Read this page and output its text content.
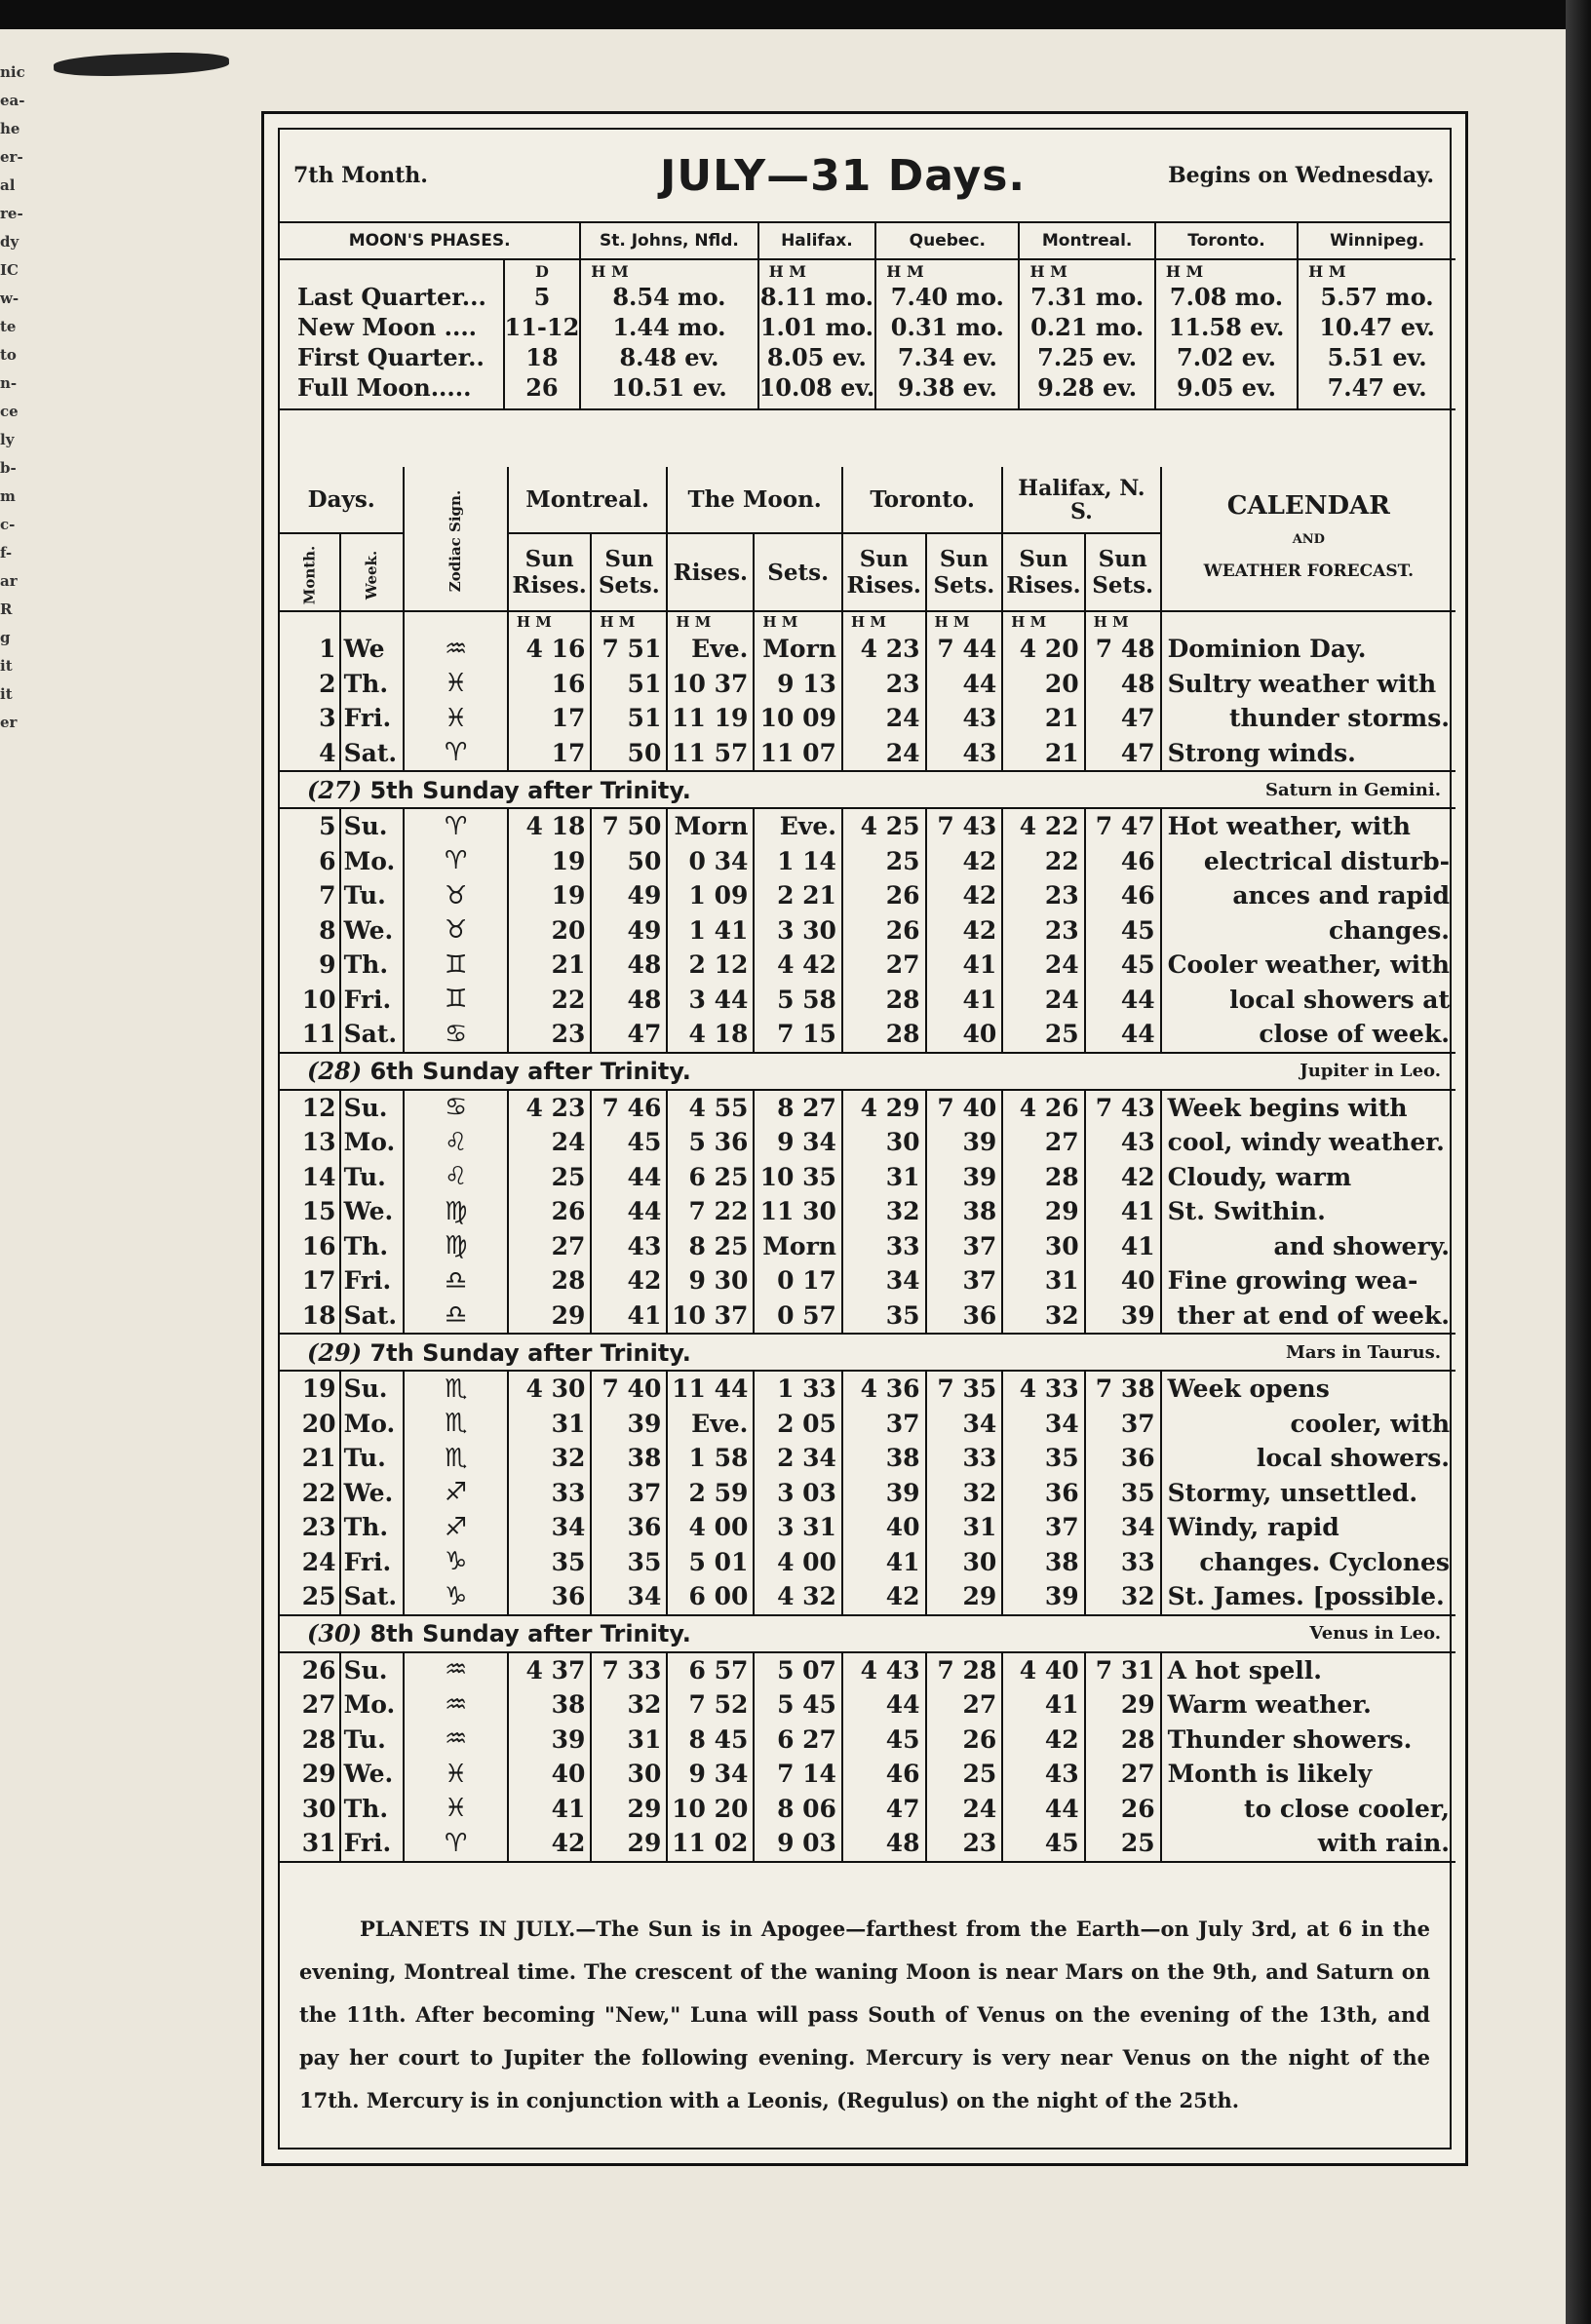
nic
ea-
he
er-
al
re-
dy
IC
w-
te
to
n-
ce
ly
b-
m
c-
f-
ar
R
g
it
it
er
7th Month.	JULY—31 Days.	Begins on Wednesday.
MOON'S PHASES.		St. Johns, Nfld.	Halifax.	Quebec.	Montreal.	Toronto.	Winnipeg.
	D	H M	H M	H M	H M	H M	H M
Last Quarter...	5	8.54 mo.	8.11 mo.	7.40 mo.	7.31 mo.	7.08 mo.	5.57 mo.
New Moon ....	11-12	1.44 mo.	1.01 mo.	0.31 mo.	0.21 mo.	11.58 ev.	10.47 ev.
First Quarter..	18	8.48 ev.	8.05 ev.	7.34 ev.	7.25 ev.	7.02 ev.	5.51 ev.
Full Moon.....	26	10.51 ev.	10.08 ev.	9.38 ev.	9.28 ev.	9.05 ev.	7.47 ev.
Days.		Zodiac Sign.	Montreal.		The Moon.		Toronto.		Halifax, N. S.		CALENDAR
AND
WEATHER FORECAST.
Month.	Week.		Sun Rises.	Sun Sets.	Rises.	Sets.	Sun Rises.	Sun Sets.	Sun Rises.	Sun Sets.	
			H M	H M	H M	H M	H M	H M	H M	H M	
1	We	♒	4 16	7 51	Eve.	Morn	4 23	7 44	4 20	7 48	Dominion Day.
2	Th.	♓	16	51	10 37	9 13	23	44	20	48	Sultry weather with
3	Fri.	♓	17	51	11 19	10 09	24	43	21	47	thunder storms.
4	Sat.	♈	17	50	11 57	11 07	24	43	21	47	Strong winds.
(27) 5th Sunday after Trinity. Saturn in Gemini.											

5	Su.	♈	4 18	7 50	Morn	Eve.	4 25	7 43	4 22	7 47	Hot weather, with
6	Mo.	♈	19	50	0 34	1 14	25	42	22	46	electrical disturb-
7	Tu.	♉	19	49	1 09	2 21	26	42	23	46	ances and rapid
8	We.	♉	20	49	1 41	3 30	26	42	23	45	changes.
9	Th.	♊	21	48	2 12	4 42	27	41	24	45	Cooler weather, with
10	Fri.	♊	22	48	3 44	5 58	28	41	24	44	local showers at
11	Sat.	♋	23	47	4 18	7 15	28	40	25	44	close of week.
(28) 6th Sunday after Trinity. Jupiter in Leo.											

12	Su.	♋	4 23	7 46	4 55	8 27	4 29	7 40	4 26	7 43	Week begins with
13	Mo.	♌	24	45	5 36	9 34	30	39	27	43	cool, windy weather.
14	Tu.	♌	25	44	6 25	10 35	31	39	28	42	Cloudy, warm
15	We.	♍	26	44	7 22	11 30	32	38	29	41	St. Swithin.
16	Th.	♍	27	43	8 25	Morn	33	37	30	41	and showery.
17	Fri.	♎	28	42	9 30	0 17	34	37	31	40	Fine growing wea-
18	Sat.	♎	29	41	10 37	0 57	35	36	32	39	ther at end of week.
(29) 7th Sunday after Trinity. Mars in Taurus.											

19	Su.	♏	4 30	7 40	11 44	1 33	4 36	7 35	4 33	7 38	Week opens
20	Mo.	♏	31	39	Eve.	2 05	37	34	34	37	cooler, with
21	Tu.	♏	32	38	1 58	2 34	38	33	35	36	local showers.
22	We.	♐	33	37	2 59	3 03	39	32	36	35	Stormy, unsettled.
23	Th.	♐	34	36	4 00	3 31	40	31	37	34	Windy, rapid
24	Fri.	♑	35	35	5 01	4 00	41	30	38	33	changes. Cyclones
25	Sat.	♑	36	34	6 00	4 32	42	29	39	32	St. James. [possible.
(30) 8th Sunday after Trinity. Venus in Leo.											

26	Su.	♒	4 37	7 33	6 57	5 07	4 43	7 28	4 40	7 31	A hot spell.
27	Mo.	♒	38	32	7 52	5 45	44	27	41	29	Warm weather.
28	Tu.	♒	39	31	8 45	6 27	45	26	42	28	Thunder showers.
29	We.	♓	40	30	9 34	7 14	46	25	43	27	Month is likely
30	Th.	♓	41	29	10 20	8 06	47	24	44	26	to close cooler,
31	Fri.	♈	42	29	11 02	9 03	48	23	45	25	with rain.
PLANETS IN JULY.—The Sun is in Apogee—farthest from the Earth—on July 3rd, at 6 in the evening, Montreal time. The crescent of the waning Moon is near Mars on the 9th, and Saturn on the 11th. After becoming "New," Luna will pass South of Venus on the evening of the 13th, and pay her court to Jupiter the following evening. Mercury is very near Venus on the night of the 17th. Mercury is in conjunction with a Leonis, (Regulus) on the night of the 25th.
